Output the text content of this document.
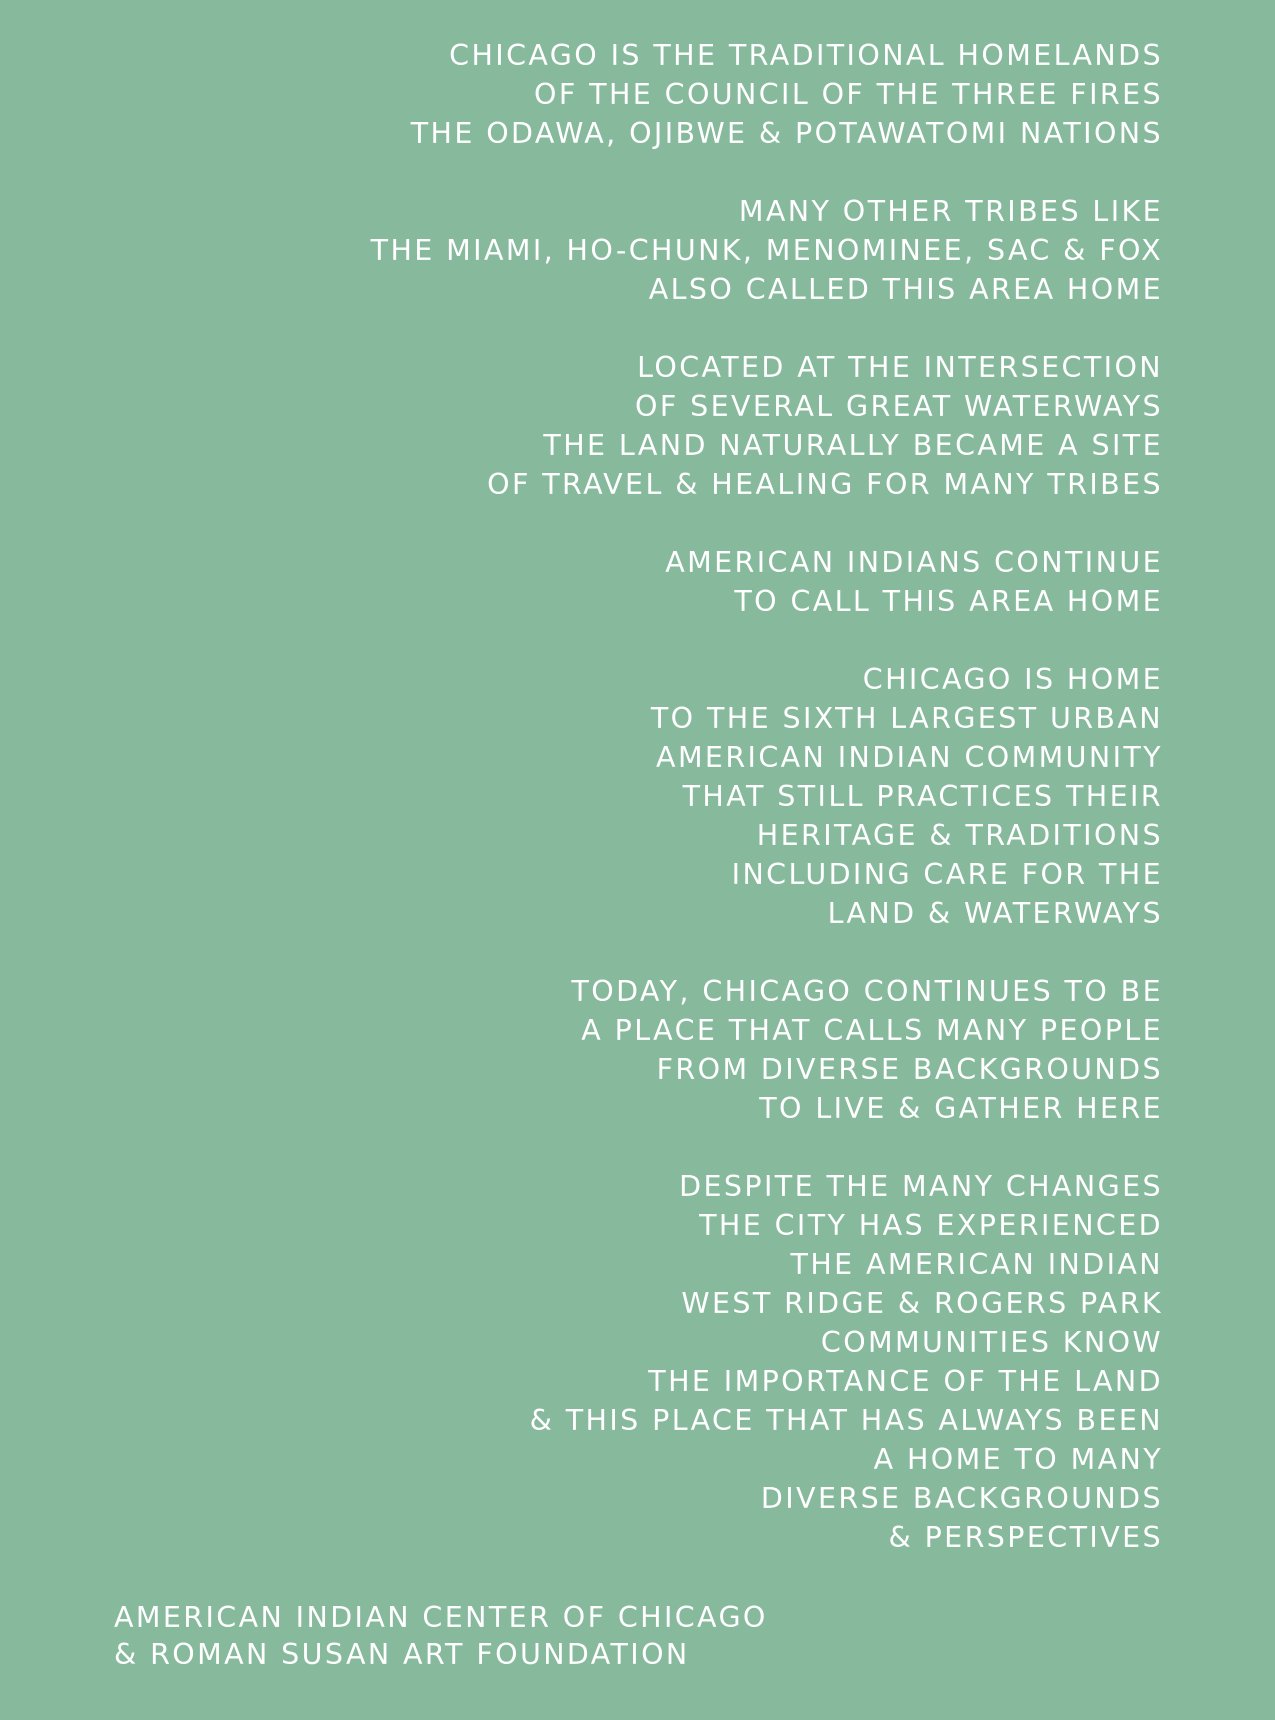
CHICAGO IS THE TRADITIONAL HOMELANDS
OF THE COUNCIL OF THE THREE FIRES
THE ODAWA, OJIBWE & POTAWATOMI NATIONS
MANY OTHER TRIBES LIKE
THE MIAMI, HO-CHUNK, MENOMINEE, SAC & FOX
ALSO CALLED THIS AREA HOME
LOCATED AT THE INTERSECTION
OF SEVERAL GREAT WATERWAYS
THE LAND NATURALLY BECAME A SITE
OF TRAVEL & HEALING FOR MANY TRIBES
AMERICAN INDIANS CONTINUE
TO CALL THIS AREA HOME
CHICAGO IS HOME
TO THE SIXTH LARGEST URBAN
AMERICAN INDIAN COMMUNITY
THAT STILL PRACTICES THEIR
HERITAGE & TRADITIONS
INCLUDING CARE FOR THE
LAND & WATERWAYS
TODAY, CHICAGO CONTINUES TO BE
A PLACE THAT CALLS MANY PEOPLE
FROM DIVERSE BACKGROUNDS
TO LIVE & GATHER HERE
DESPITE THE MANY CHANGES
THE CITY HAS EXPERIENCED
THE AMERICAN INDIAN
WEST RIDGE & ROGERS PARK
COMMUNITIES KNOW
THE IMPORTANCE OF THE LAND
& THIS PLACE THAT HAS ALWAYS BEEN
A HOME TO MANY
DIVERSE BACKGROUNDS
& PERSPECTIVES
AMERICAN INDIAN CENTER OF CHICAGO
& ROMAN SUSAN ART FOUNDATION
